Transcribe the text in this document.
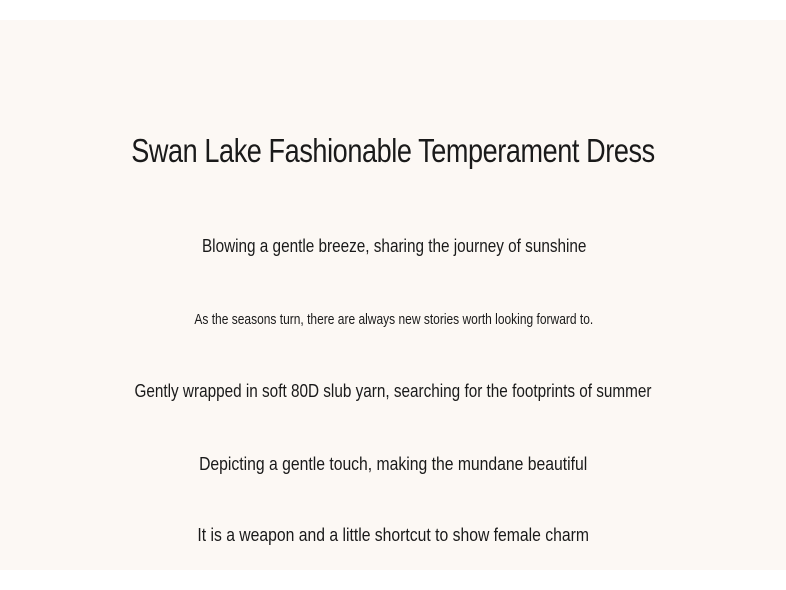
Swan Lake Fashionable Temperament Dress
Blowing a gentle breeze, sharing the journey of sunshine
As the seasons turn, there are always new stories worth looking forward to.
Gently wrapped in soft 80D slub yarn, searching for the footprints of summer
Depicting a gentle touch, making the mundane beautiful
It is a weapon and a little shortcut to show female charm
